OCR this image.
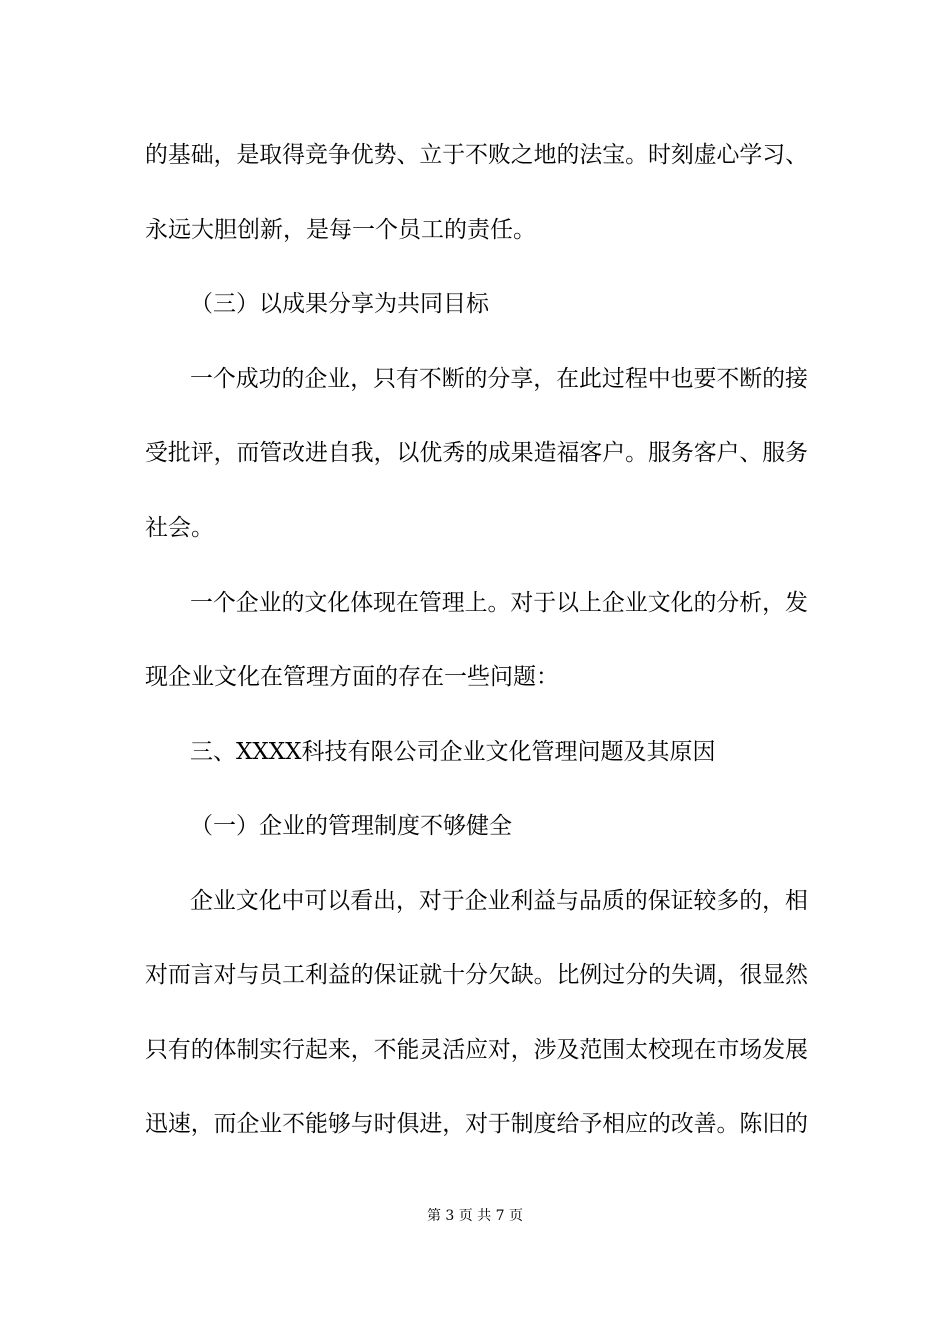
的基础，是取得竞争优势、立于不败之地的法宝。时刻虚心学习、
永远大胆创新，是每一个员工的责任。
（三）以成果分享为共同目标
一个成功的企业，只有不断的分享，在此过程中也要不断的接
受批评，而管改进自我，以优秀的成果造福客户。服务客户、服务
社会。
一个企业的文化体现在管理上。对于以上企业文化的分析，发
现企业文化在管理方面的存在一些问题：
三、XXXX科技有限公司企业文化管理问题及其原因
（一）企业的管理制度不够健全
企业文化中可以看出，对于企业利益与品质的保证较多的，相
对而言对与员工利益的保证就十分欠缺。比例过分的失调，很显然
只有的体制实行起来，不能灵活应对，涉及范围太校现在市场发展
迅速，而企业不能够与时俱进，对于制度给予相应的改善。陈旧的
第 3 页 共 7 页
